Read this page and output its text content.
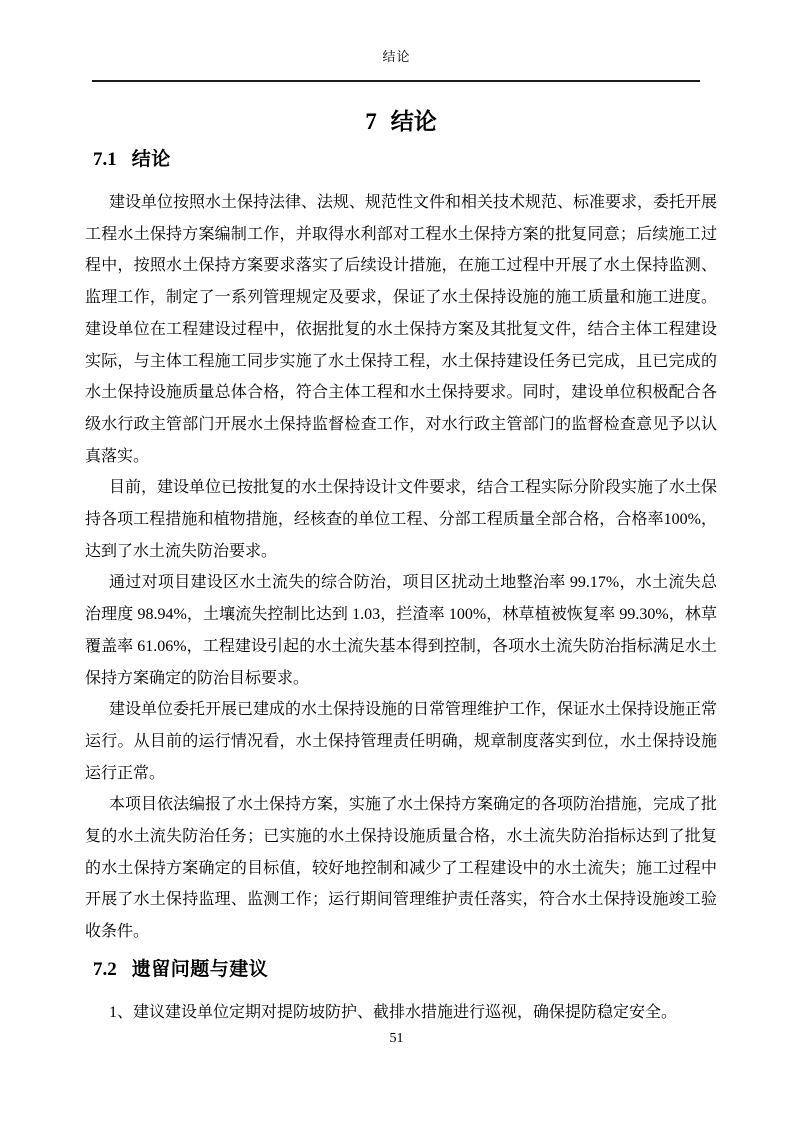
结论
7 结论
7.1 结论

建设单位按照水土保持法律、法规、规范性文件和相关技术规范、标准要求，委托开展工程水土保持方案编制工作，并取得水利部对工程水土保持方案的批复同意；后续施工过程中，按照水土保持方案要求落实了后续设计措施，在施工过程中开展了水土保持监测、监理工作，制定了一系列管理规定及要求，保证了水土保持设施的施工质量和施工进度。建设单位在工程建设过程中，依据批复的水土保持方案及其批复文件，结合主体工程建设实际，与主体工程施工同步实施了水土保持工程，水土保持建设任务已完成，且已完成的水土保持设施质量总体合格，符合主体工程和水土保持要求。同时，建设单位积极配合各级水行政主管部门开展水土保持监督检查工作，对水行政主管部门的监督检查意见予以认真落实。

目前，建设单位已按批复的水土保持设计文件要求，结合工程实际分阶段实施了水土保持各项工程措施和植物措施，经核查的单位工程、分部工程质量全部合格，合格率100%，达到了水土流失防治要求。

通过对项目建设区水土流失的综合防治，项目区扰动土地整治率 99.17%，水土流失总治理度 98.94%，土壤流失控制比达到 1.03，拦渣率 100%，林草植被恢复率 99.30%，林草覆盖率 61.06%，工程建设引起的水土流失基本得到控制，各项水土流失防治指标满足水土保持方案确定的防治目标要求。

建设单位委托开展已建成的水土保持设施的日常管理维护工作，保证水土保持设施正常运行。从目前的运行情况看，水土保持管理责任明确，规章制度落实到位，水土保持设施运行正常。

本项目依法编报了水土保持方案，实施了水土保持方案确定的各项防治措施，完成了批复的水土流失防治任务；已实施的水土保持设施质量合格，水土流失防治指标达到了批复的水土保持方案确定的目标值，较好地控制和减少了工程建设中的水土流失；施工过程中开展了水土保持监理、监测工作；运行期间管理维护责任落实，符合水土保持设施竣工验收条件。

7.2 遗留问题与建议

1、建议建设单位定期对提防坡防护、截排水措施进行巡视，确保提防稳定安全。

51
